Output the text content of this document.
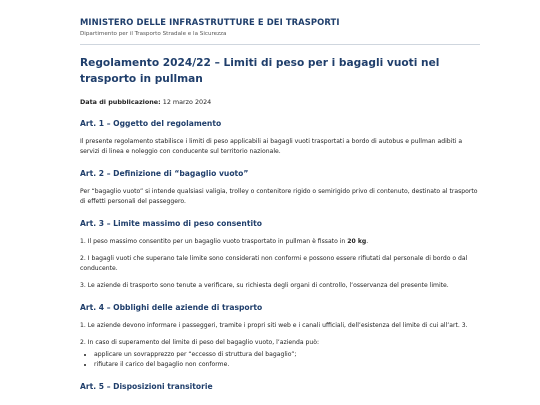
MINISTERO DELLE INFRASTRUTTURE E DEI TRASPORTI
Dipartimento per il Trasporto Stradale e la Sicurezza
Regolamento 2024/22 – Limiti di peso per i bagagli vuoti nel trasporto in pullman
Data di pubblicazione: 12 marzo 2024
Art. 1 – Oggetto del regolamento

Il presente regolamento stabilisce i limiti di peso applicabili ai bagagli vuoti trasportati a bordo di autobus e pullman adibiti a servizi di linea e noleggio con conducente sul territorio nazionale.

Art. 2 – Definizione di “bagaglio vuoto”

Per “bagaglio vuoto” si intende qualsiasi valigia, trolley o contenitore rigido o semirigido privo di contenuto, destinato al trasporto di effetti personali del passeggero.

Art. 3 – Limite massimo di peso consentito

1. Il peso massimo consentito per un bagaglio vuoto trasportato in pullman è fissato in 20 kg.

2. I bagagli vuoti che superano tale limite sono considerati non conformi e possono essere rifiutati dal personale di bordo o dal conducente.

3. Le aziende di trasporto sono tenute a verificare, su richiesta degli organi di controllo, l’osservanza del presente limite.

Art. 4 – Obblighi delle aziende di trasporto

1. Le aziende devono informare i passeggeri, tramite i propri siti web e i canali ufficiali, dell’esistenza del limite di cui all’art. 3.

2. In caso di superamento del limite di peso del bagaglio vuoto, l’azienda può:

• applicare un sovrapprezzo per “eccesso di struttura del bagaglio”;
• rifiutare il carico del bagaglio non conforme.
Art. 5 – Disposizioni transitorie
